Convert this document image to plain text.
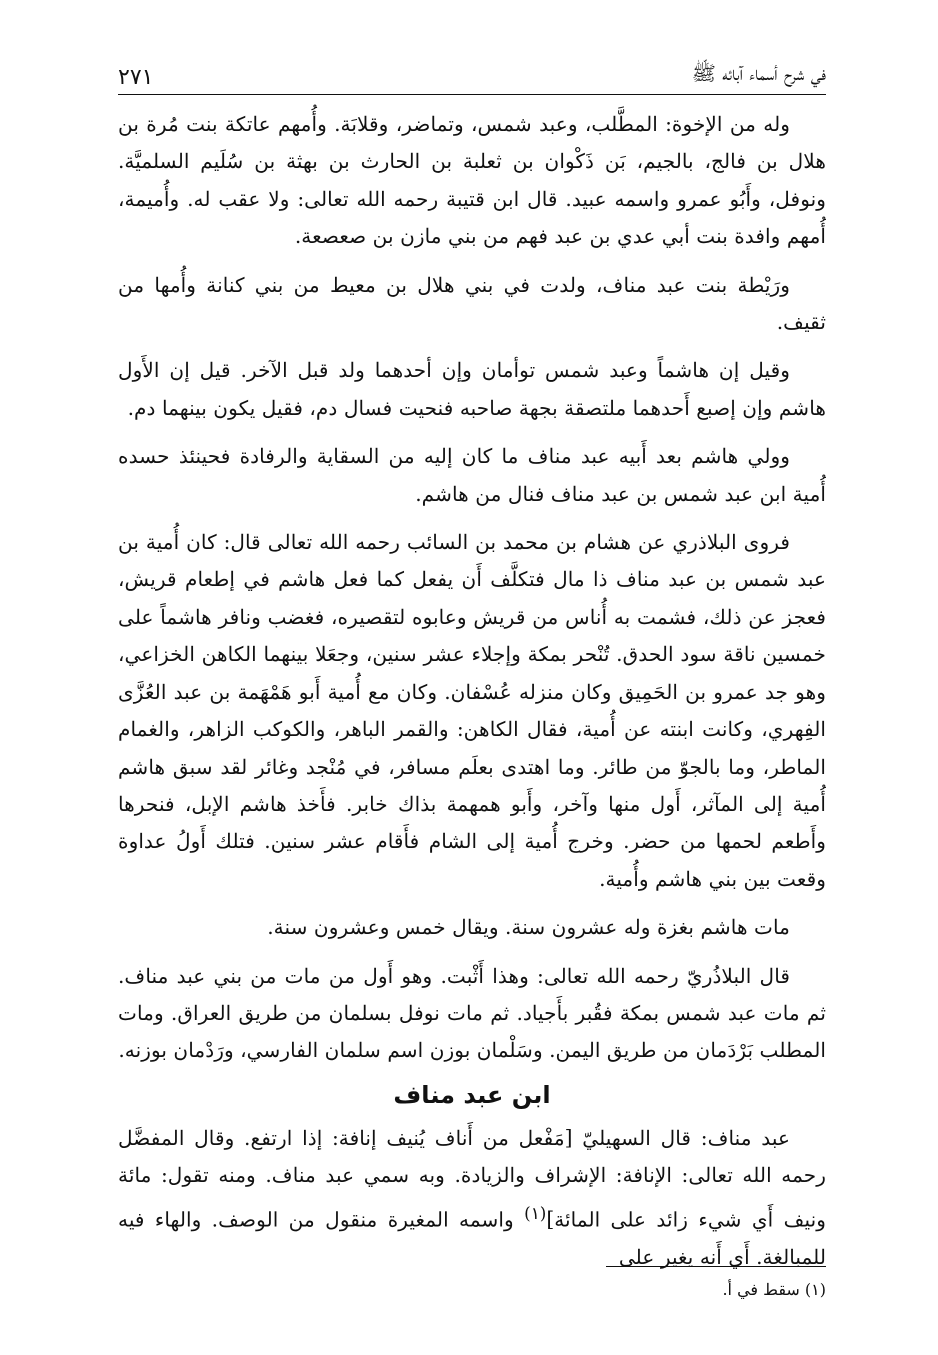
في شرح أسماء آبائه ﷺ
٢٧١

وله من الإخوة: المطَّلب، وعبد شمس، وتماضر، وقلابَة. وأُمهم عاتكة بنت مُرة بن هلال بن فالج، بالجيم، بَن ذَكْوان بن ثعلبة بن الحارث بن بهثة بن سُلَيم السلميَّة. ونوفل، وأَبُو عمرو واسمه عبيد. قال ابن قتيبة رحمه الله تعالى: ولا عقب له. وأُميمة، أُمهم وافدة بنت أبي عدي بن عبد فهم من بني مازن بن صعصعة.

ورَيْطة بنت عبد مناف، ولدت في بني هلال بن معيط من بني كنانة وأُمها من ثقيف.

وقيل إن هاشماً وعبد شمس توأمان وإن أحدهما ولد قبل الآخر. قيل إن الأَول هاشم وإن إصبع أَحدهما ملتصقة بجهة صاحبه فنحيت فسال دم، فقيل يكون بينهما دم.

وولي هاشم بعد أَبيه عبد مناف ما كان إليه من السقاية والرفادة فحينئذ حسده أُمية ابن عبد شمس بن عبد مناف فنال من هاشم.

فروى البلاذري عن هشام بن محمد بن السائب رحمه الله تعالى قال: كان أُمية بن عبد شمس بن عبد مناف ذا مال فتكلَّف أَن يفعل كما فعل هاشم في إطعام قريش، فعجز عن ذلك، فشمت به أُناس من قريش وعابوه لتقصيره، فغضب ونافر هاشماً على خمسين ناقة سود الحدق. تُنْحر بمكة وإجلاء عشر سنين، وجعَلا بينهما الكاهن الخزاعي، وهو جد عمرو بن الحَمِيق وكان منزله عُسْفان. وكان مع أُمية أَبو هَمْهَمة بن عبد العُزَّى الفِهري، وكانت ابنته عن أُمية، فقال الكاهن: والقمر الباهر، والكوكب الزاهر، والغمام الماطر، وما بالجوّ من طائر. وما اهتدى بعلَم مسافر، في مُنْجد وغائر لقد سبق هاشم أُمية إلى المآثر، أَول منها وآخر، وأَبو همهمة بذاك خابر. فأَخذ هاشم الإبل، فنحرها وأَطعم لحمها من حضر. وخرج أُمية إلى الشام فأَقام عشر سنين. فتلك أَولُ عداوة وقعت بين بني هاشم وأُمية.

مات هاشم بغزة وله عشرون سنة. ويقال خمس وعشرون سنة.

قال البلاذُريّ رحمه الله تعالى: وهذا أَثْبت. وهو أَول من مات من بني عبد مناف. ثم مات عبد شمس بمكة فقُبر بأَجياد. ثم مات نوفل بسلمان من طريق العراق. ومات المطلب بَرْدَمان من طريق اليمن. وسَلْمان بوزن اسم سلمان الفارسي، ورَدْمان بوزنه.

ابن عبد مناف

عبد مناف: قال السهيليّ [مَفْعل من أَناف يُنيف إنافة: إذا ارتفع. وقال المفضَّل رحمه الله تعالى: الإنافة: الإشراف والزيادة. وبه سمي عبد مناف. ومنه تقول: مائة ونيف أَي شيء زائد على المائة]$^{(١)}$ واسمه المغيرة منقول من الوصف. والهاء فيه للمبالغة. أَي أَنه يغير على

(١) سقط في أ.
